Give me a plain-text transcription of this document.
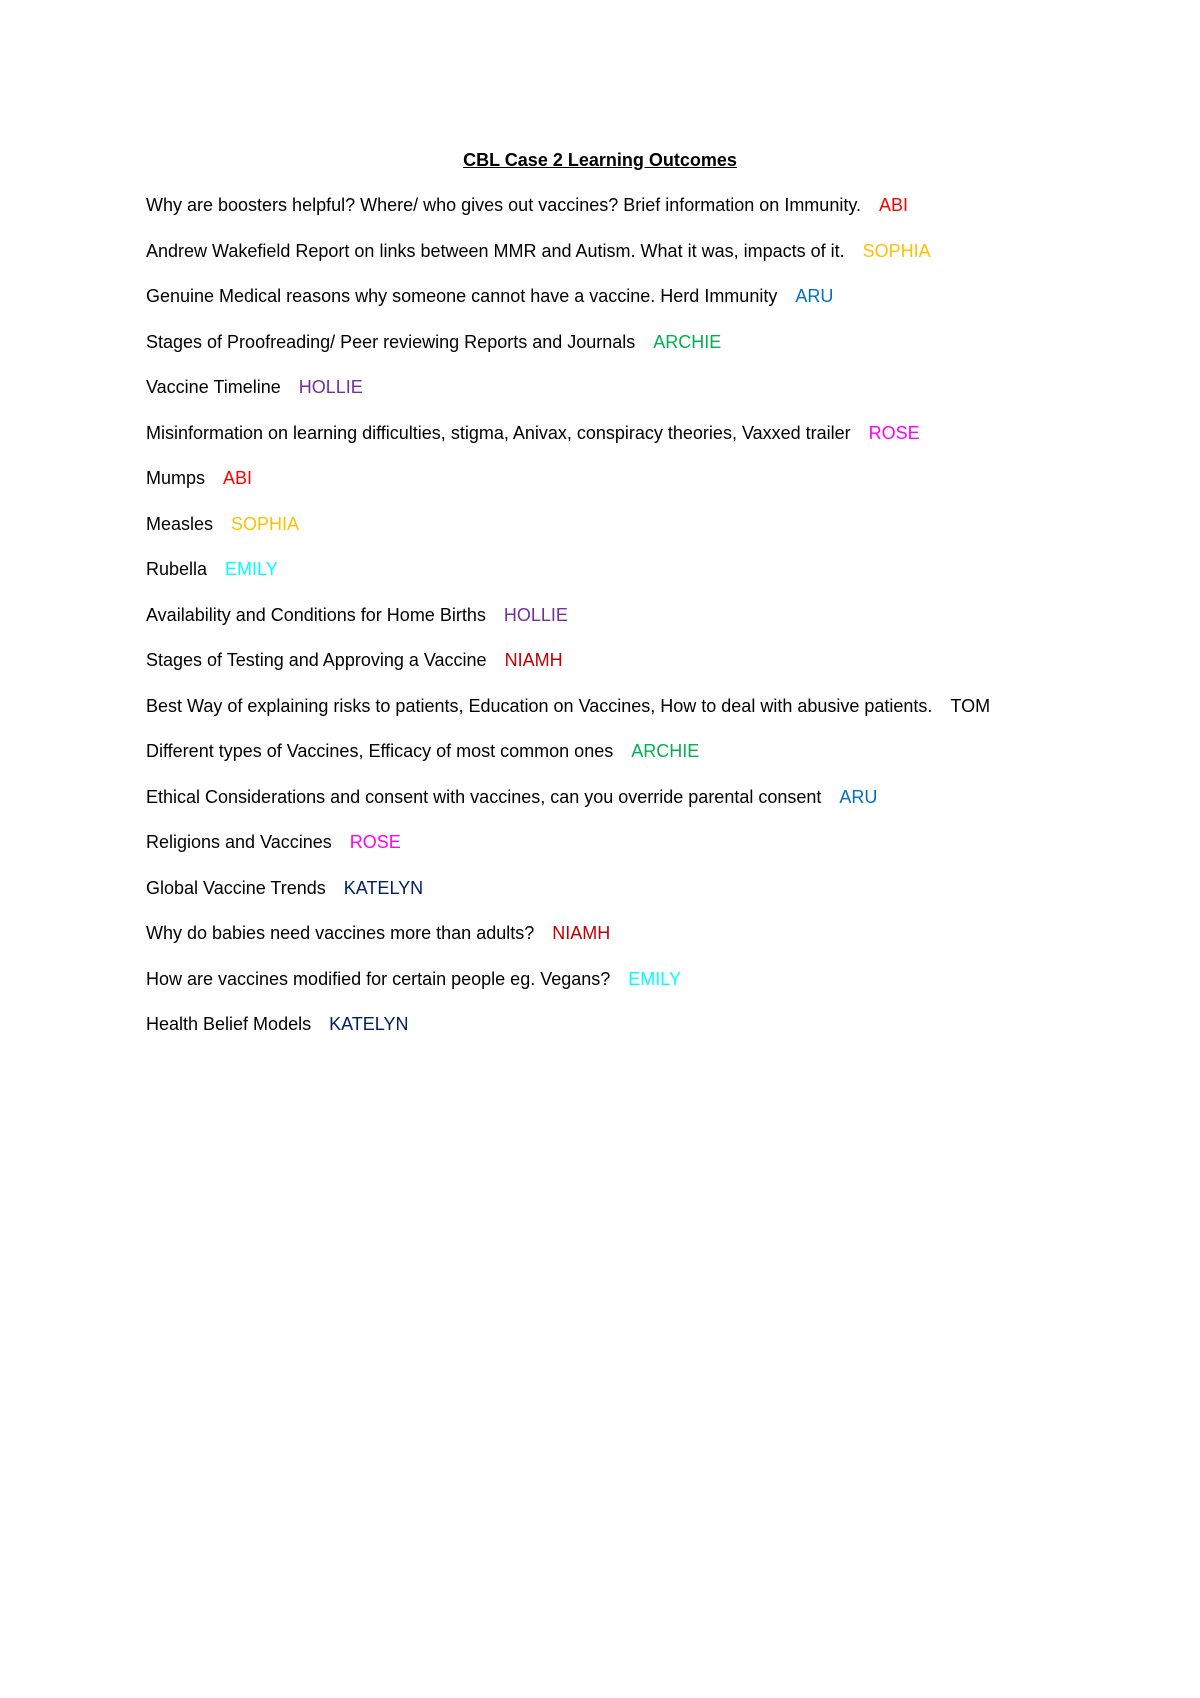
CBL Case 2 Learning Outcomes
Why are boosters helpful? Where/ who gives out vaccines? Brief information on Immunity. ABI
Andrew Wakefield Report on links between MMR and Autism. What it was, impacts of it. SOPHIA
Genuine Medical reasons why someone cannot have a vaccine. Herd Immunity ARU
Stages of Proofreading/ Peer reviewing Reports and Journals ARCHIE
Vaccine Timeline HOLLIE
Misinformation on learning difficulties, stigma, Anivax, conspiracy theories, Vaxxed trailer ROSE
Mumps ABI
Measles SOPHIA
Rubella EMILY
Availability and Conditions for Home Births HOLLIE
Stages of Testing and Approving a Vaccine NIAMH
Best Way of explaining risks to patients, Education on Vaccines, How to deal with abusive patients. TOM
Different types of Vaccines, Efficacy of most common ones ARCHIE
Ethical Considerations and consent with vaccines, can you override parental consent ARU
Religions and Vaccines ROSE
Global Vaccine Trends KATELYN
Why do babies need vaccines more than adults? NIAMH
How are vaccines modified for certain people eg. Vegans? EMILY
Health Belief Models KATELYN
